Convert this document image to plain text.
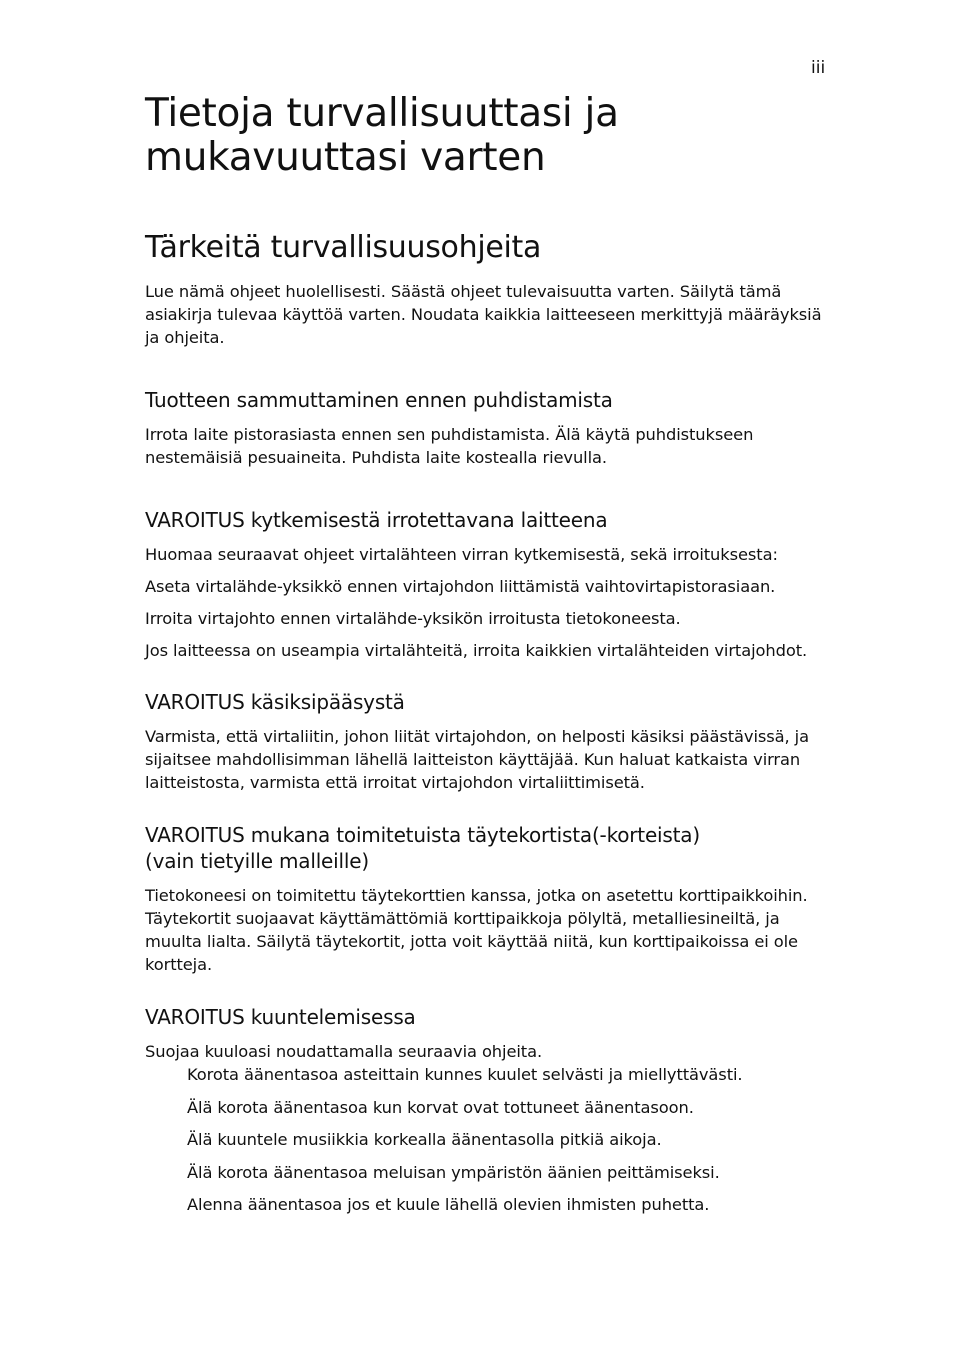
iii
Tietoja turvallisuuttasi ja mukavuuttasi varten
Tärkeitä turvallisuusohjeita

Lue nämä ohjeet huolellisesti. Säästä ohjeet tulevaisuutta varten. Säilytä tämä asiakirja tulevaa käyttöä varten. Noudata kaikkia laitteeseen merkittyjä määräyksiä ja ohjeita.

Tuotteen sammuttaminen ennen puhdistamista

Irrota laite pistorasiasta ennen sen puhdistamista. Älä käytä puhdistukseen nestemäisiä pesuaineita. Puhdista laite kostealla rievulla.

VAROITUS kytkemisestä irrotettavana laitteena

Huomaa seuraavat ohjeet virtalähteen virran kytkemisestä, sekä irroituksesta:

Aseta virtalähde-yksikkö ennen virtajohdon liittämistä vaihtovirtapistorasiaan.

Irroita virtajohto ennen virtalähde-yksikön irroitusta tietokoneesta.

Jos laitteessa on useampia virtalähteitä, irroita kaikkien virtalähteiden virtajohdot.

VAROITUS käsiksipääsystä

Varmista, että virtaliitin, johon liität virtajohdon, on helposti käsiksi päästävissä, ja sijaitsee mahdollisimman lähellä laitteiston käyttäjää. Kun haluat katkaista virran laitteistosta, varmista että irroitat virtajohdon virtaliittimisetä.

VAROITUS mukana toimitetuista täytekortista(-korteista)
(vain tietyille malleille)

Tietokoneesi on toimitettu täytekorttien kanssa, jotka on asetettu korttipaikkoihin. Täytekortit suojaavat käyttämättömiä korttipaikkoja pölyltä, metalliesineiltä, ja muulta lialta. Säilytä täytekortit, jotta voit käyttää niitä, kun korttipaikoissa ei ole kortteja.

VAROITUS kuuntelemisessa

Suojaa kuuloasi noudattamalla seuraavia ohjeita.

Korota äänentasoa asteittain kunnes kuulet selvästi ja miellyttävästi.
Älä korota äänentasoa kun korvat ovat tottuneet äänentasoon.
Älä kuuntele musiikkia korkealla äänentasolla pitkiä aikoja.
Älä korota äänentasoa meluisan ympäristön äänien peittämiseksi.
Alenna äänentasoa jos et kuule lähellä olevien ihmisten puhetta.
